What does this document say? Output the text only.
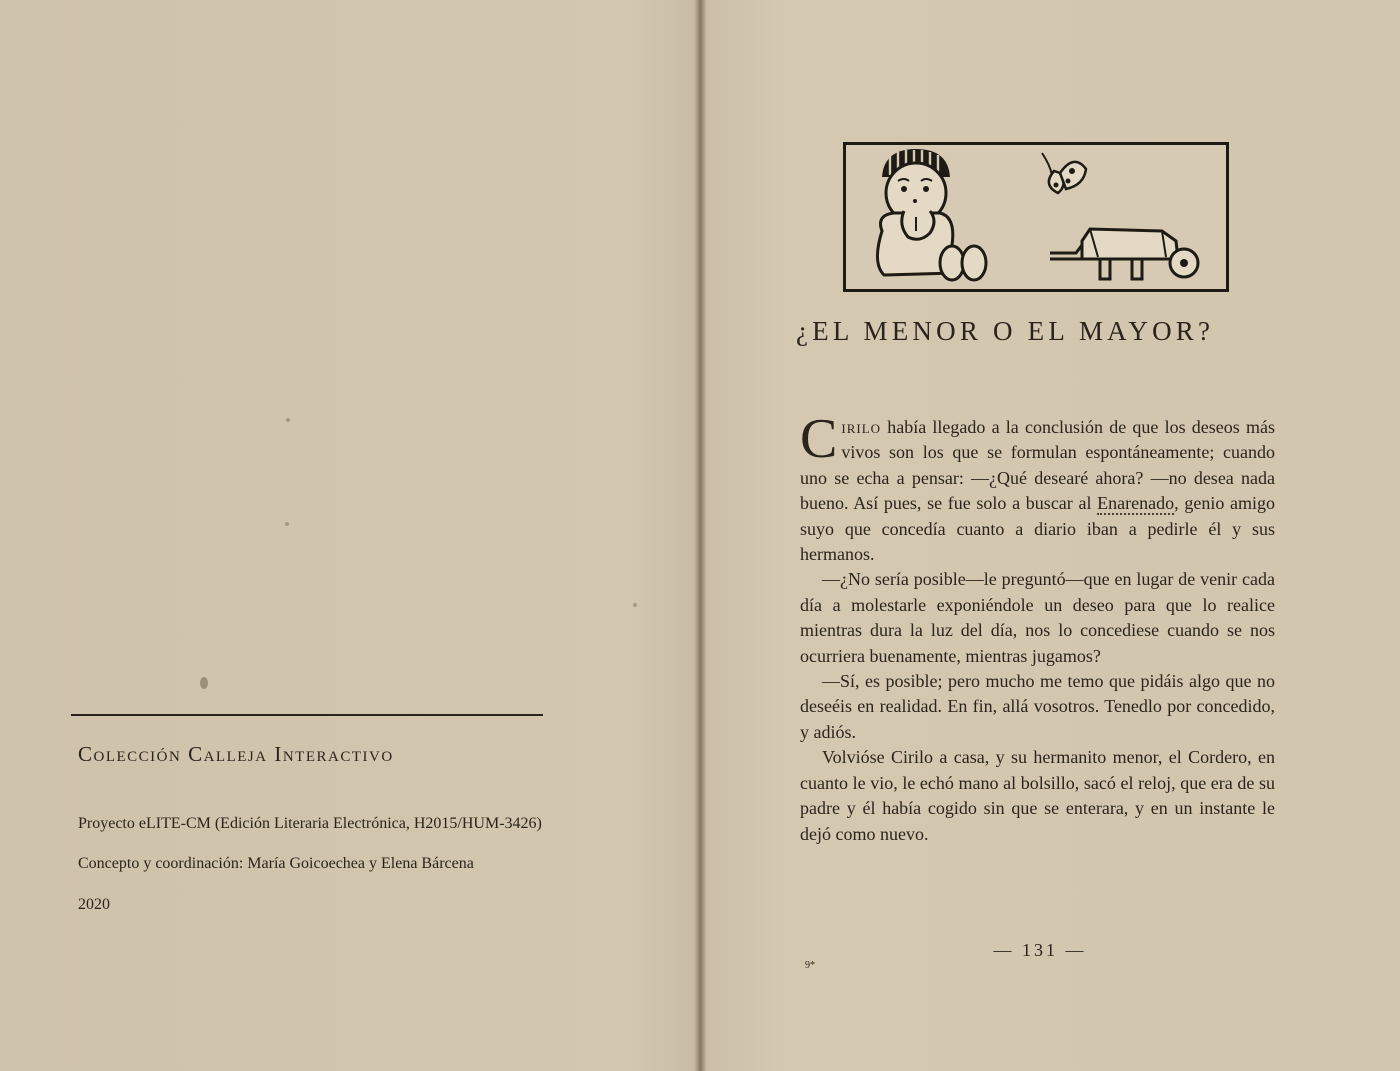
Colección Calleja Interactivo

Proyecto eLITE-CM (Edición Literaria Electrónica, H2015/HUM-3426)

Concepto y coordinación: María Goicoechea y Elena Bárcena

2020

¿EL MENOR O EL MAYOR?

Cirilo había llegado a la conclusión de que los deseos más vivos son los que se formulan espontáneamente; cuando uno se echa a pensar: —¿Qué desearé ahora? —no desea nada bueno. Así pues, se fue solo a buscar al Enarenado, genio amigo suyo que concedía cuanto a diario iban a pedirle él y sus hermanos.

—¿No sería posible—le preguntó—que en lugar de venir cada día a molestarle exponiéndole un deseo para que lo realice mientras dura la luz del día, nos lo concediese cuando se nos ocurriera buenamente, mientras jugamos?

—Sí, es posible; pero mucho me temo que pidáis algo que no deseéis en realidad. En fin, allá vosotros. Tenedlo por concedido, y adiós.

Volvióse Cirilo a casa, y su hermanito menor, el Cordero, en cuanto le vio, le echó mano al bolsillo, sacó el reloj, que era de su padre y él había cogido sin que se enterara, y en un instante le dejó como nuevo.

— 131 —

9*
